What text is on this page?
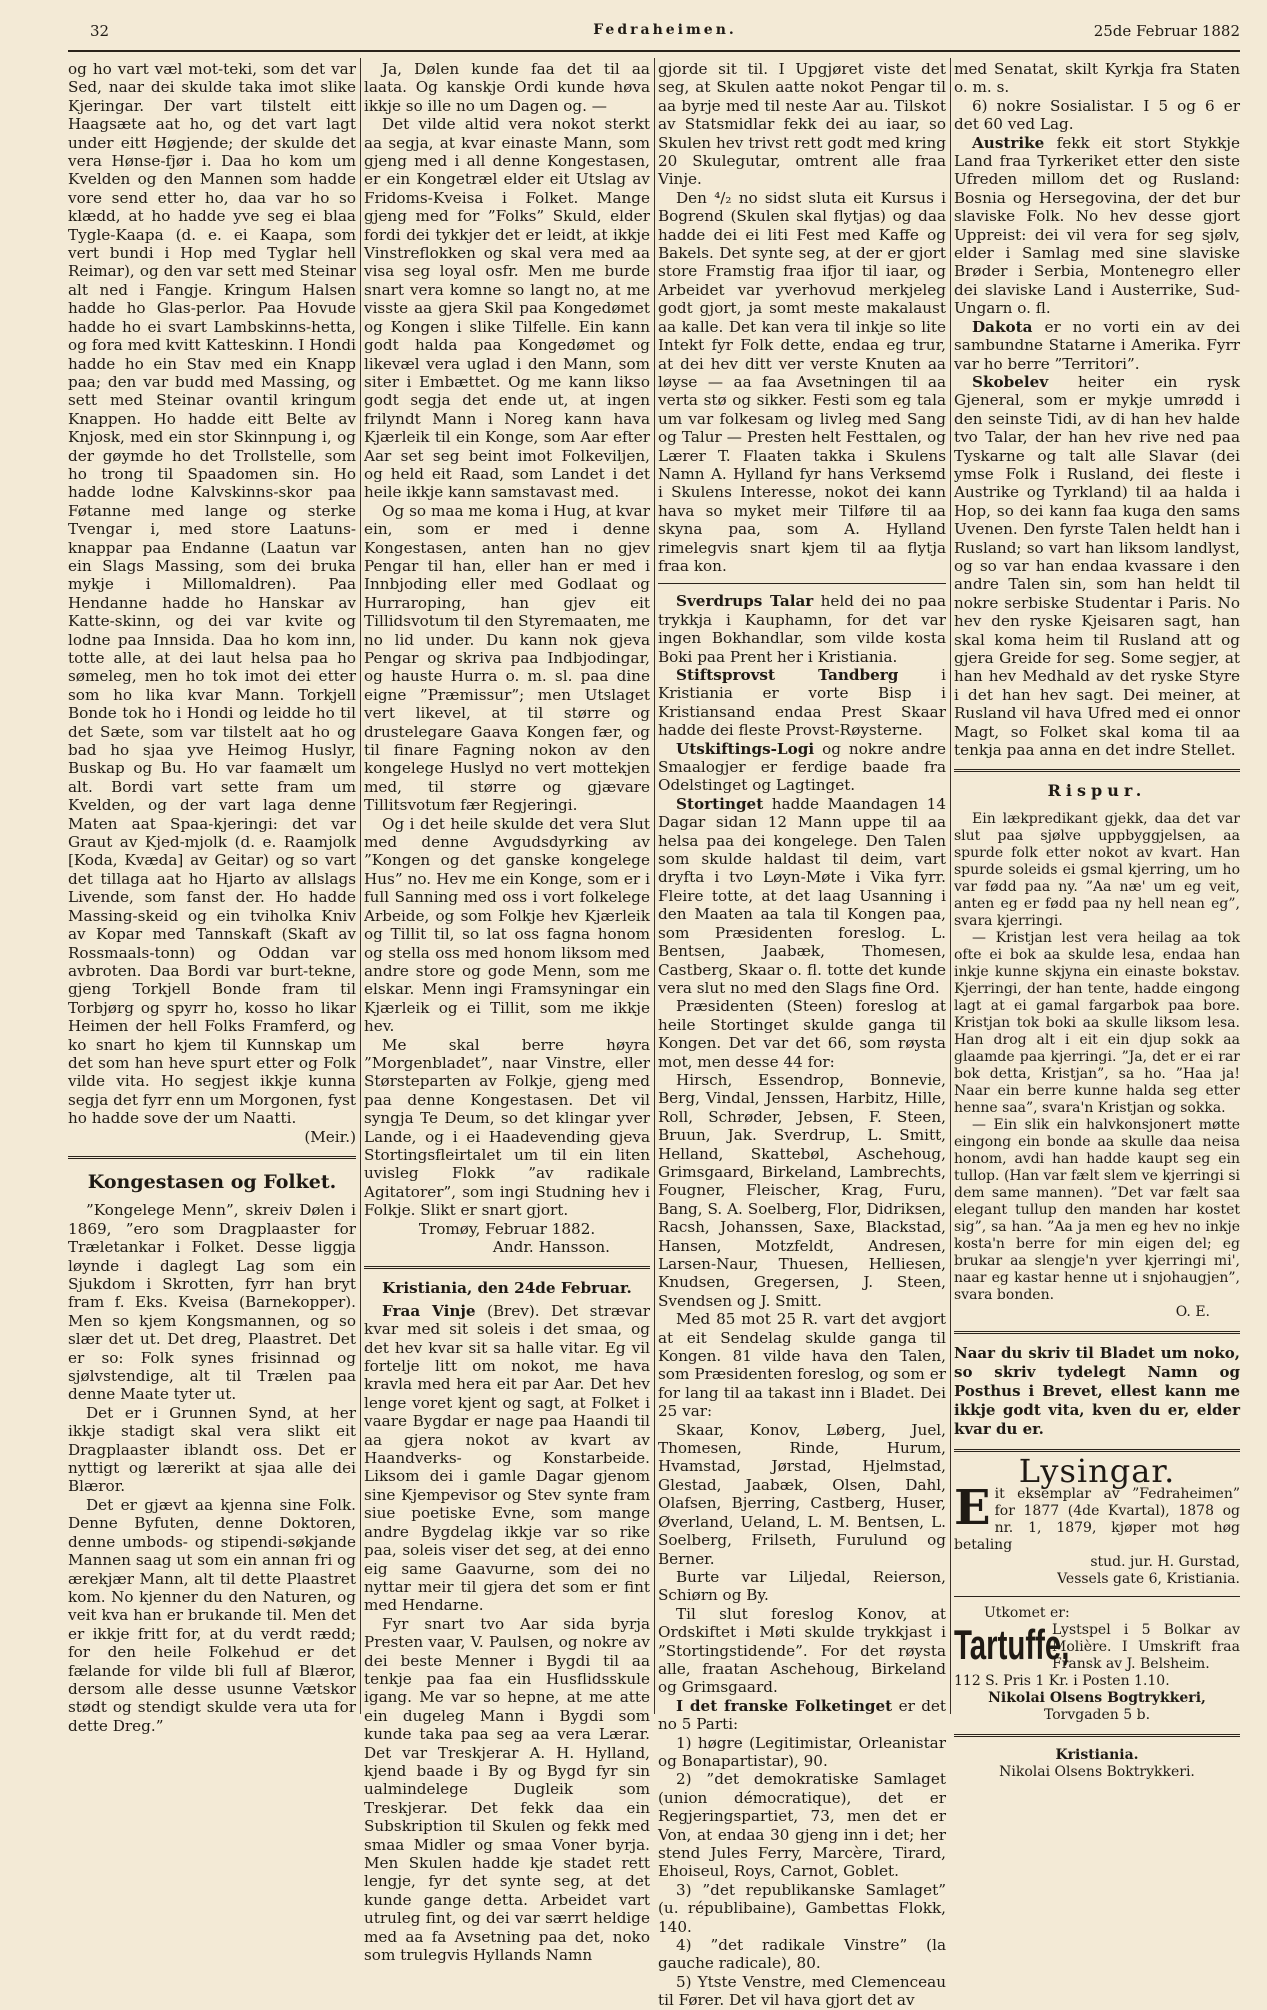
32	Fedraheimen.	25de Februar 1882

og ho vart væl mot-teki, som det var Sed, naar dei skulde taka imot slike Kjeringar. Der vart tilstelt eitt Haagsæte aat ho, og det vart lagt under eitt Høgjende; der skulde det vera Hønse-fjør i. Daa ho kom um Kvelden og den Mannen som hadde vore send etter ho, daa var ho so klædd, at ho hadde yve seg ei blaa Tygle-Kaapa (d. e. ei Kaapa, som vert bundi i Hop med Tyglar hell Reimar), og den var sett med Steinar alt ned i Fangje. Kringum Halsen hadde ho Glas-perlor. Paa Hovude hadde ho ei svart Lambskinns-hetta, og fora med kvitt Katteskinn. I Hondi hadde ho ein Stav med ein Knapp paa; den var budd med Massing, og sett med Steinar ovantil kringum Knappen. Ho hadde eitt Belte av Knjosk, med ein stor Skinnpung i, og der gøymde ho det Trollstelle, som ho trong til Spaadomen sin. Ho hadde lodne Kalvskinns-skor paa Føtanne med lange og sterke Tvengar i, med store Laatuns-knappar paa Endanne (Laatun var ein Slags Massing, som dei bruka mykje i Millomaldren). Paa Hendanne hadde ho Hanskar av Katte-skinn, og dei var kvite og lodne paa Innsida. Daa ho kom inn, totte alle, at dei laut helsa paa ho sømeleg, men ho tok imot dei etter som ho lika kvar Mann. Torkjell Bonde tok ho i Hondi og leidde ho til det Sæte, som var tilstelt aat ho og bad ho sjaa yve Heimog Huslyr, Buskap og Bu. Ho var faamælt um alt. Bordi vart sette fram um Kvelden, og der vart laga denne Maten aat Spaa-kjeringi: det var Graut av Kjed-mjolk (d. e. Raamjolk [Koda, Kvæda] av Geitar) og so vart det tillaga aat ho Hjarto av allslags Livende, som fanst der. Ho hadde Massing-skeid og ein tviholka Kniv av Kopar med Tannskaft (Skaft av Rossmaals-tonn) og Oddan var avbroten. Daa Bordi var burt-tekne, gjeng Torkjell Bonde fram til Torbjørg og spyrr ho, kosso ho likar Heimen der hell Folks Framferd, og ko snart ho kjem til Kunnskap um det som han heve spurt etter og Folk vilde vita. Ho segjest ikkje kunna segja det fyrr enn um Morgonen, fyst ho hadde sove der um Naatti.

(Meir.)
Kongestasen og Folket.

”Kongelege Menn”, skreiv Dølen i 1869, ”ero som Dragplaaster for Træletankar i Folket. Desse liggja løynde i daglegt Lag som ein Sjukdom i Skrotten, fyrr han bryt fram f. Eks. Kveisa (Barnekopper). Men so kjem Kongsmannen, og so slær det ut. Det dreg, Plaastret. Det er so: Folk synes frisinnad og sjølvstendige, alt til Trælen paa denne Maate tyter ut.

Det er i Grunnen Synd, at her ikkje stadigt skal vera slikt eit Dragplaaster iblandt oss. Det er nyttigt og lærerikt at sjaa alle dei Blæror.

Det er gjævt aa kjenna sine Folk. Denne Byfuten, denne Doktoren, denne umbods- og stipendi-søkjande Mannen saag ut som ein annan fri og ærekjær Mann, alt til dette Plaastret kom. No kjenner du den Naturen, og veit kva han er brukande til. Men det er ikkje fritt for, at du verdt rædd; for den heile Folkehud er det fælande for vilde bli full af Blæror, dersom alle desse usunne Vætskor stødt og stendigt skulde vera uta for dette Dreg.”

Ja, Dølen kunde faa det til aa laata. Og kanskje Ordi kunde høva ikkje so ille no um Dagen og. —

Det vilde altid vera nokot sterkt aa segja, at kvar einaste Mann, som gjeng med i all denne Kongestasen, er ein Kongetræl elder eit Utslag av Fridoms-Kveisa i Folket. Mange gjeng med for ”Folks” Skuld, elder fordi dei tykkjer det er leidt, at ikkje Vinstreflokken og skal vera med aa visa seg loyal osfr. Men me burde snart vera komne so langt no, at me visste aa gjera Skil paa Kongedømet og Kongen i slike Tilfelle. Ein kann godt halda paa Kongedømet og likevæl vera uglad i den Mann, som siter i Embættet. Og me kann likso godt segja det ende ut, at ingen frilyndt Mann i Noreg kann hava Kjærleik til ein Konge, som Aar efter Aar set seg beint imot Folkeviljen, og held eit Raad, som Landet i det heile ikkje kann samstavast med.

Og so maa me koma i Hug, at kvar ein, som er med i denne Kongestasen, anten han no gjev Pengar til han, eller han er med i Innbjoding eller med Godlaat og Hurraroping, han gjev eit Tillidsvotum til den Styremaaten, me no lid under. Du kann nok gjeva Pengar og skriva paa Indbjodingar, og hauste Hurra o. m. sl. paa dine eigne ”Præmissur”; men Utslaget vert likevel, at til større og drustelegare Gaava Kongen fær, og til finare Fagning nokon av den kongelege Huslyd no vert mottekjen med, til større og gjævare Tillitsvotum fær Regjeringi.

Og i det heile skulde det vera Slut med denne Avgudsdyrking av ”Kongen og det ganske kongelege Hus” no. Hev me ein Konge, som er i full Sanning med oss i vort folkelege Arbeide, og som Folkje hev Kjærleik og Tillit til, so lat oss fagna honom og stella oss med honom liksom med andre store og gode Menn, som me elskar. Menn ingi Framsyningar ein Kjærleik og ei Tillit, som me ikkje hev.

Me skal berre høyra ”Morgenbladet”, naar Vinstre, eller Størsteparten av Folkje, gjeng med paa denne Kongestasen. Det vil syngja Te Deum, so det klingar yver Lande, og i ei Haadevending gjeva Stortingsfleirtalet um til ein liten uvisleg Flokk ”av radikale Agitatorer”, som ingi Studning hev i Folkje. Slikt er snart gjort.

Tromøy, Februar 1882.
Andr. Hansson.
Kristiania, den 24de Februar.

Fraa Vinje (Brev). Det strævar kvar med sit soleis i det smaa, og det hev kvar sit sa halle vitar. Eg vil fortelje litt om nokot, me hava kravla med hera eit par Aar. Det hev lenge voret kjent og sagt, at Folket i vaare Bygdar er nage paa Haandi til aa gjera nokot av kvart av Haandverks- og Konstarbeide. Liksom dei i gamle Dagar gjenom sine Kjempevisor og Stev synte fram siue poetiske Evne, som mange andre Bygdelag ikkje var so rike paa, soleis viser det seg, at dei enno eig same Gaavurne, som dei no nyttar meir til gjera det som er fint med Hendarne.

Fyr snart tvo Aar sida byrja Presten vaar, V. Paulsen, og nokre av dei beste Menner i Bygdi til aa tenkje paa faa ein Husflidsskule igang. Me var so hepne, at me atte ein dugeleg Mann i Bygdi som kunde taka paa seg aa vera Lærar. Det var Treskjerar A. H. Hylland, kjend baade i By og Bygd fyr sin ualmindelege Dugleik som Treskjerar. Det fekk daa ein Subskription til Skulen og fekk med smaa Midler og smaa Voner byrja. Men Skulen hadde kje stadet rett lengje, fyr det synte seg, at det kunde gange detta. Arbeidet vart utruleg fint, og dei var særrt heldige med aa fa Avsetning paa det, noko som trulegvis Hyllands Namn

gjorde sit til. I Upgjøret viste det seg, at Skulen aatte nokot Pengar til aa byrje med til neste Aar au. Tilskot av Statsmidlar fekk dei au iaar, so Skulen hev trivst rett godt med kring 20 Skulegutar, omtrent alle fraa Vinje.

Den ⁴/₂ no sidst sluta eit Kursus i Bogrend (Skulen skal flytjas) og daa hadde dei ei liti Fest med Kaffe og Bakels. Det synte seg, at der er gjort store Framstig fraa ifjor til iaar, og Arbeidet var yverhovud merkjeleg godt gjort, ja somt meste makalaust aa kalle. Det kan vera til inkje so lite Intekt fyr Folk dette, endaa eg trur, at dei hev ditt ver verste Knuten aa løyse — aa faa Avsetningen til aa verta stø og sikker. Festi som eg tala um var folkesam og livleg med Sang og Talur — Presten helt Festtalen, og Lærer T. Flaaten takka i Skulens Namn A. Hylland fyr hans Verksemd i Skulens Interesse, nokot dei kann hava so myket meir Tilføre til aa skyna paa, som A. Hylland rimelegvis snart kjem til aa flytja fraa kon.

Sverdrups Talar held dei no paa trykkja i Kauphamn, for det var ingen Bokhandlar, som vilde kosta Boki paa Prent her i Kristiania.

Stiftsprovst Tandberg	i Kristiania er vorte Bisp i Kristiansand endaa Prest Skaar hadde dei fleste Provst-Røysterne.

Utskiftings-Logi og nokre andre Smaalogjer er ferdige baade fra Odelstinget og Lagtinget.

Stortinget hadde Maandagen 14 Dagar sidan 12 Mann uppe til aa helsa paa dei kongelege. Den Talen som skulde haldast til deim, vart dryfta i tvo Løyn-Møte i Vika fyrr. Fleire totte, at det laag Usanning i den Maaten aa tala til Kongen paa, som Præsidenten foreslog. L. Bentsen, Jaabæk, Thomesen, Castberg, Skaar o. fl. totte det kunde vera slut no med den Slags fine Ord.

Præsidenten (Steen) foreslog at heile Stortinget skulde ganga til Kongen. Det var det 66, som røysta mot, men desse 44 for:

Hirsch, Essendrop, Bonnevie, Berg, Vindal, Jenssen, Harbitz, Hille, Roll, Schrøder, Jebsen, F. Steen, Bruun, Jak. Sverdrup, L. Smitt, Helland, Skattebøl, Aschehoug, Grimsgaard, Birkeland, Lambrechts, Fougner, Fleischer, Krag, Furu, Bang, S. A. Soelberg, Flor, Didriksen, Racsh, Johanssen, Saxe, Blackstad, Hansen, Motzfeldt, Andresen, Larsen-Naur, Thuesen, Helliesen, Knudsen, Gregersen, J. Steen, Svendsen og J. Smitt.

Med 85 mot 25 R. vart det avgjort at eit Sendelag skulde ganga til Kongen. 81 vilde hava den Talen, som Præsidenten foreslog, og som er for lang til aa takast inn i Bladet. Dei 25 var:

Skaar, Konov, Løberg, Juel, Thomesen, Rinde, Hurum, Hvamstad, Jørstad, Hjelmstad, Glestad, Jaabæk, Olsen, Dahl, Olafsen, Bjerring, Castberg, Huser, Øverland, Ueland, L. M. Bentsen, L. Soelberg, Frilseth, Furulund og Berner.

Burte var Liljedal, Reierson, Schiørn og By.

Til slut foreslog Konov, at Ordskiftet i Møti skulde trykkjast i ”Stortingstidende”. For det røysta alle, fraatan Aschehoug, Birkeland og Grimsgaard.

I det franske Folketinget er det no 5 Parti:

1) høgre (Legitimistar, Orleanistar og Bonapartistar), 90.

2) ”det demokratiske Samlaget (union démocratique), det er Regjeringspartiet, 73, men det er Von, at endaa 30 gjeng inn i det; her stend Jules Ferry, Marcère, Tirard, Ehoiseul, Roys, Carnot, Goblet.

3) ”det republikanske Samlaget” (u. républibaine), Gambettas Flokk, 140.

4) ”det radikale Vinstre” (la gauche radicale), 80.

5) Ytste Venstre, med Clemenceau til Fører. Det vil hava gjort det av

med Senatat, skilt Kyrkja fra Staten o. m. s.

6) nokre Sosialistar. I 5 og 6 er det 60 ved Lag.

Austrike fekk eit stort Stykkje Land fraa Tyrkeriket etter den siste Ufreden millom det og Rusland: Bosnia og Hersegovina, der det bur slaviske Folk. No hev desse gjort Uppreist: dei vil vera for seg sjølv, elder i Samlag med sine slaviske Brøder i Serbia, Montenegro eller dei slaviske Land i Austerrike, Sud-Ungarn o. fl.

Dakota er no vorti ein av dei sambundne Statarne i Amerika. Fyrr var ho berre ”Territori”.

Skobelev heiter ein rysk Gjeneral, som er mykje umrødd i den seinste Tidi, av di han hev halde tvo Talar, der han hev rive ned paa Tyskarne og talt alle Slavar (dei ymse Folk i Rusland, dei fleste i Austrike og Tyrkland) til aa halda i Hop, so dei kann faa kuga den sams Uvenen. Den fyrste Talen heldt han i Rusland; so vart han liksom landlyst, og so var han endaa kvassare i den andre Talen sin, som han heldt til nokre serbiske Studentar i Paris. No hev den ryske Kjeisaren sagt, han skal koma heim til Rusland att og gjera Greide for seg. Some segjer, at han hev Medhald av det ryske Styre i det han hev sagt. Dei meiner, at Rusland vil hava Ufred med ei onnor Magt, so Folket skal koma til aa tenkja paa anna en det indre Stellet.

Rispur.

Ein lækpredikant gjekk, daa det var slut paa sjølve uppbyggjelsen, aa spurde folk etter nokot av kvart. Han spurde soleids ei gsmal kjerring, um ho var fødd paa ny. ”Aa næ' um eg veit, anten eg er fødd paa ny hell nean eg”, svara kjerringi.

— Kristjan lest vera heilag aa tok ofte ei bok aa skulde lesa, endaa han inkje kunne skjyna ein einaste bokstav. Kjerringi, der han tente, hadde eingong lagt at ei gamal fargarbok paa bore. Kristjan tok boki aa skulle liksom lesa. Han drog alt i eit ein djup sokk aa glaamde paa kjerringi. ”Ja, det er ei rar bok detta, Kristjan”, sa ho. ”Haa ja! Naar ein berre kunne halda seg etter henne saa”, svara'n Kristjan og sokka.

— Ein slik ein halvkonsjonert møtte eingong ein bonde aa skulle daa neisa honom, avdi han hadde kaupt seg ein tullop. (Han var fælt slem ve kjerringi si dem same mannen). ”Det var fælt saa elegant tullup den manden har kostet sig”, sa han. ”Aa ja men eg hev no inkje kosta'n berre for min eigen del; eg brukar aa slengje'n yver kjerringi mi', naar eg kastar henne ut i snjohaugjen”, svara bonden.

O. E.
Naar du skriv til Bladet um noko, so skriv tydelegt Namn og Posthus i Brevet, ellest kann me ikkje godt vita, kven du er, elder kvar du er.
Lysingar.
Eit eksemplar av ”Fedraheimen” for 1877 (4de Kvartal), 1878 og nr. 1, 1879, kjøper mot høg betaling
stud. jur. H. Gurstad,
Vessels gate 6, Kristiania.
Utkomet er:
Tartuffe,
Lystspel i 5 Bolkar av Molière. I Umskrift fraa Fransk av J. Belsheim.
112 S. Pris 1 Kr. i Posten 1.10.
Nikolai Olsens Bogtrykkeri,
Torvgaden 5 b.
Kristiania.
Nikolai Olsens Boktrykkeri.
